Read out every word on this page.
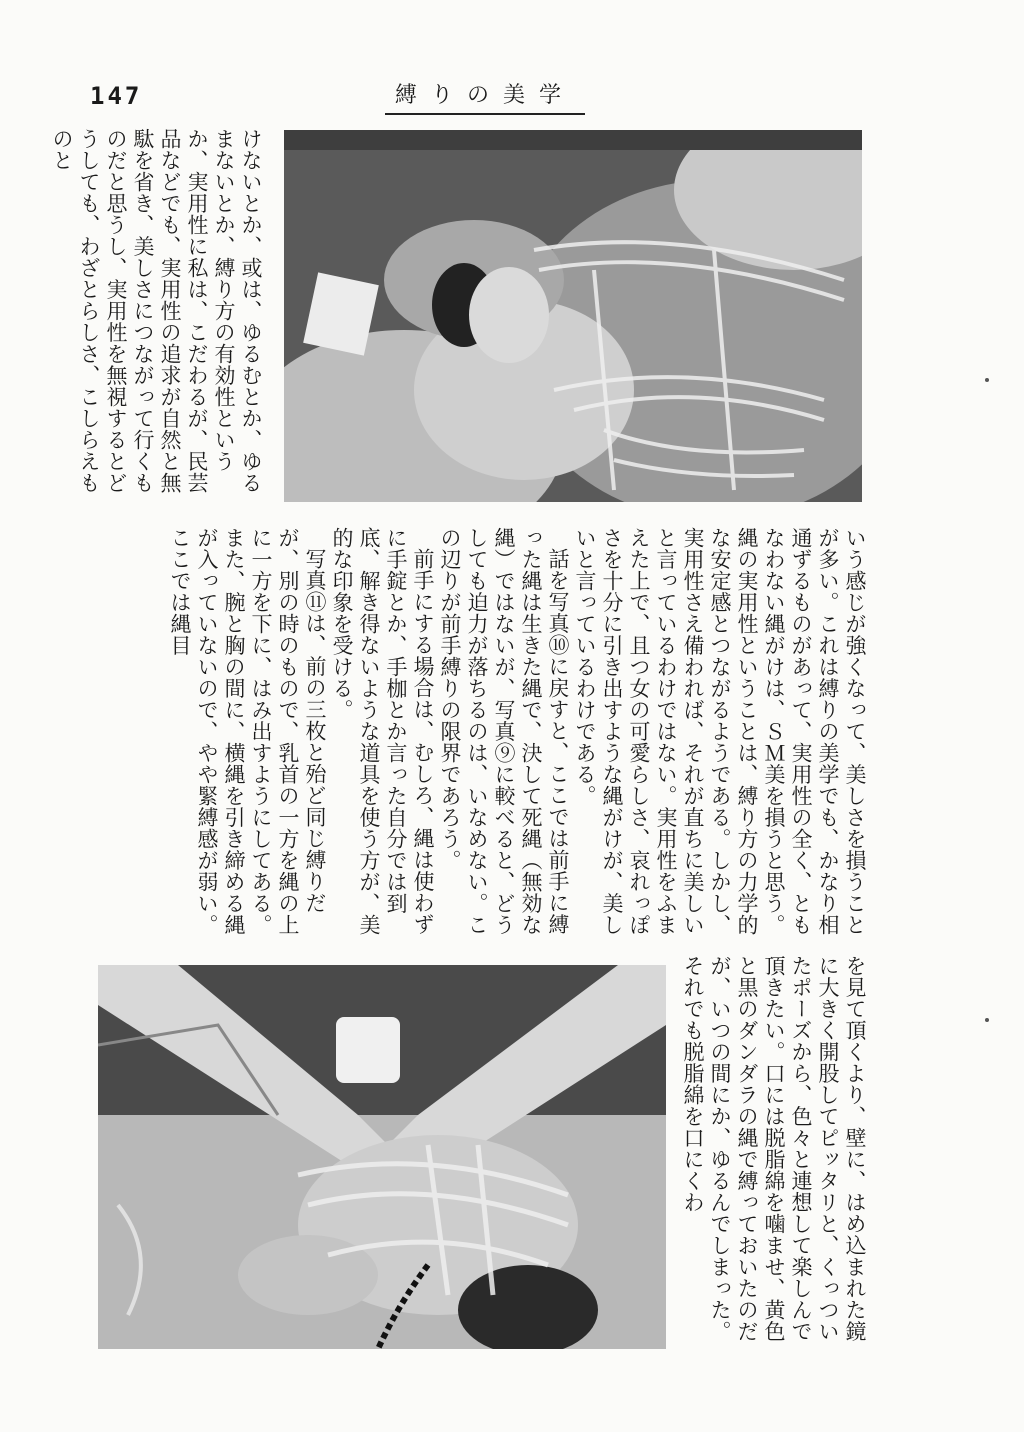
147	縛りの美学

けないとか、或は、ゆるむとか、ゆるまないとか、縛り方の有効性というか、実用性に私は、こだわるが、民芸品などでも、実用性の追求が自然と無駄を省き、美しさにつながって行くものだと思うし、実用性を無視するとどうしても、わざとらしさ、こしらえものと

いう感じが強くなって、美しさを損うことが多い。これは縛りの美学でも、かなり相通ずるものがあって、実用性の全く、ともなわない縄がけは、ＳＭ美を損うと思う。縄の実用性ということは、縛り方の力学的な安定感とつながるようである。しかし、実用性さえ備われば、それが直ちに美しいと言っているわけではない。実用性をふまえた上で、且つ女の可愛らしさ、哀れっぽさを十分に引き出すような縄がけが、美しいと言っているわけである。

話を写真⑩に戻すと、ここでは前手に縛った縄は生きた縄で、決して死縄（無効な縄）ではないが、写真⑨に較べると、どうしても迫力が落ちるのは、いなめない。この辺りが前手縛りの限界であろう。

前手にする場合は、むしろ、縄は使わずに手錠とか、手枷とか言った自分では到底、解き得ないような道具を使う方が、美的な印象を受ける。

写真⑪は、前の三枚と殆ど同じ縛りだが、別の時のもので、乳首の一方を縄の上に一方を下に、はみ出すようにしてある。また、腕と胸の間に、横縄を引き締める縄が入っていないので、やや緊縛感が弱い。ここでは縄目

を見て頂くより、壁に、はめ込まれた鏡に大きく開股してピッタリと、くっついたポーズから、色々と連想して楽しんで頂きたい。口には脱脂綿を噛ませ、黄色と黒のダンダラの縄で縛っておいたのだが、いつの間にか、ゆるんでしまった。それでも脱脂綿を口にくわ
